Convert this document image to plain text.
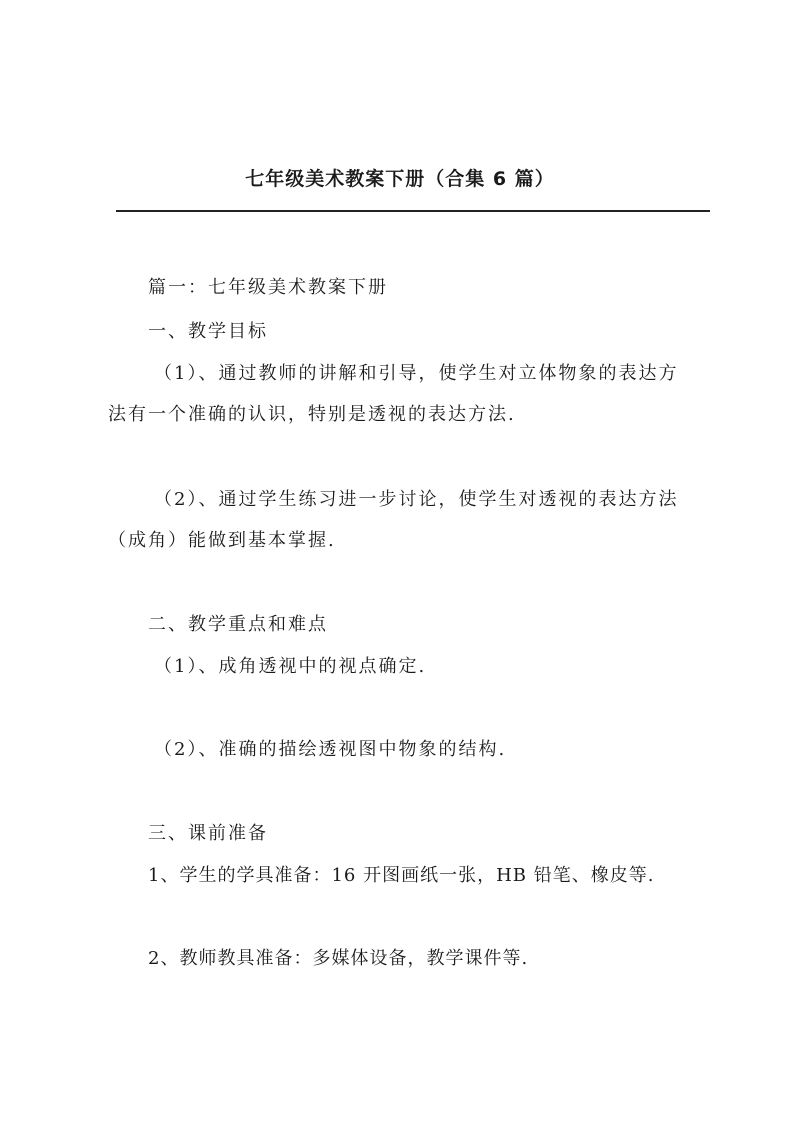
七年级美术教案下册（合集 6 篇）
篇一：七年级美术教案下册
一、教学目标
（1）、通过教师的讲解和引导，使学生对立体物象的表达方
法有一个准确的认识，特别是透视的表达方法.
（2）、通过学生练习进一步讨论，使学生对透视的表达方法
（成角）能做到基本掌握.
二、教学重点和难点
（1）、成角透视中的视点确定.
（2）、准确的描绘透视图中物象的结构.
三、课前准备
1、学生的学具准备：16 开图画纸一张，HB 铅笔、橡皮等.
2、教师教具准备：多媒体设备，教学课件等.
